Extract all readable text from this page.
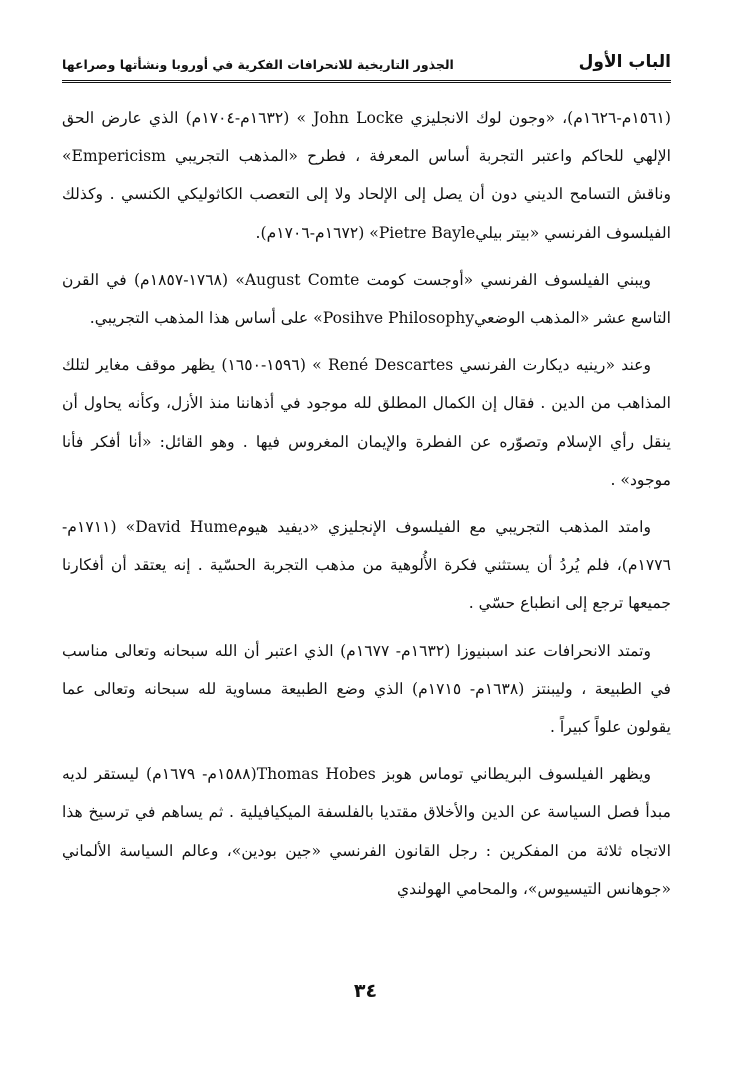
الباب الأول
الجذور التاريخية للانحرافات الفكرية في أوروبا ونشأتها وصراعها

(١٥٦١م-١٦٢٦م)، «وجون لوك الانجليزي John Locke » (١٦٣٢م-١٧٠٤م) الذي عارض الحق الإلهي للحاكم واعتبر التجربة أساس المعرفة ، فطرح «المذهب التجريبي Empericism» وناقش التسامح الديني دون أن يصل إلى الإلحاد ولا إلى التعصب الكاثوليكي الكنسي . وكذلك الفيلسوف الفرنسي «بيتر بيليPietre Bayle» (١٦٧٢م-١٧٠٦م).

ويبني الفيلسوف الفرنسي «أوجست كومت August Comte» (١٧٦٨-١٨٥٧م) في القرن التاسع عشر «المذهب الوضعيPosihve Philosophy» على أساس هذا المذهب التجريبي.

وعند «رينيه ديكارت الفرنسي René Descartes » (١٥٩٦-١٦٥٠) يظهر موقف مغاير لتلك المذاهب من الدين . فقال إن الكمال المطلق لله موجود في أذهاننا منذ الأزل، وكأنه يحاول أن ينقل رأي الإسلام وتصوّره عن الفطرة والإيمان المغروس فيها . وهو القائل: «أنا أفكر فأنا موجود» .

وامتد المذهب التجريبي مع الفيلسوف الإنجليزي «ديفيد هيومDavid Hume» (١٧١١م- ١٧٧٦م)، فلم يُردُ أن يستثني فكرة الأُلوهية من مذهب التجربة الحسّية . إنه يعتقد أن أفكارنا جميعها ترجع إلى انطباع حسّي .

وتمتد الانحرافات عند اسبنيوزا (١٦٣٢م- ١٦٧٧م) الذي اعتبر أن الله سبحانه وتعالى مناسب في الطبيعة ، وليبنتز (١٦٣٨م- ١٧١٥م) الذي وضع الطبيعة مساوية لله سبحانه وتعالى عما يقولون علواً كبيراً .

ويظهر الفيلسوف البريطاني توماس هوبز Thomas Hobes(١٥٨٨م- ١٦٧٩م) ليستقر لديه مبدأ فصل السياسة عن الدين والأخلاق مقتديا بالفلسفة الميكيافيلية . ثم يساهم في ترسيخ هذا الاتجاه ثلاثة من المفكرين : رجل القانون الفرنسي «جين بودين»، وعالم السياسة الألماني «جوهانس التيسيوس»، والمحامي الهولندي

٣٤
